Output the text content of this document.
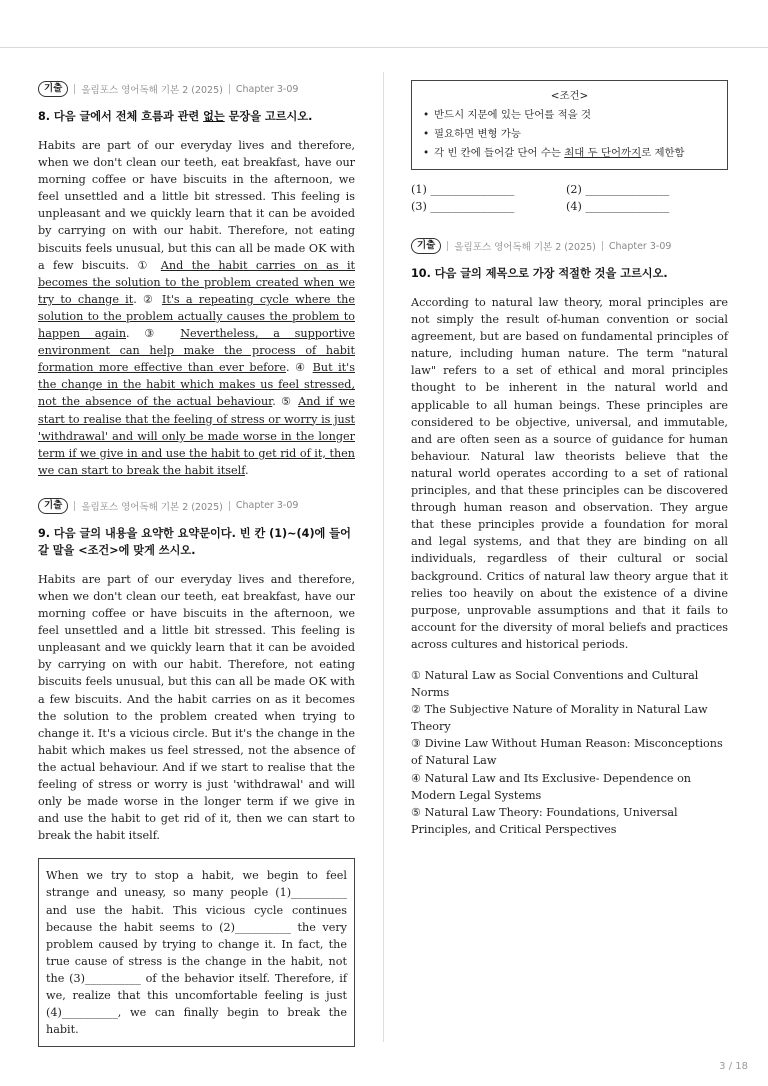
기출	올림포스 영어독해 기본 2 (2025) Chapter 3-09
8. 다음 글에서 전체 흐름과 관련 없는 문장을 고르시오.

Habits are part of our everyday lives and therefore, when we don't clean our teeth, eat breakfast, have our morning coffee or have biscuits in the afternoon, we feel unsettled and a little bit stressed. This feeling is unpleasant and we quickly learn that it can be avoided by carrying on with our habit. Therefore, not eating biscuits feels unusual, but this can all be made OK with a few biscuits. ① And the habit carries on as it becomes the solution to the problem created when we try to change it. ② It's a repeating cycle where the solution to the problem actually causes the problem to happen again. ③ Nevertheless, a supportive environment can help make the process of habit formation more effective than ever before. ④ But it's the change in the habit which makes us feel stressed, not the absence of the actual behaviour. ⑤ And if we start to realise that the feeling of stress or worry is just 'withdrawal' and will only be made worse in the longer term if we give in and use the habit to get rid of it, then we can start to break the habit itself.

기출	올림포스 영어독해 기본 2 (2025) Chapter 3-09
9. 다음 글의 내용을 요약한 요약문이다. 빈 칸 (1)~(4)에 들어갈 말을 <조건>에 맞게 쓰시오.

Habits are part of our everyday lives and therefore, when we don't clean our teeth, eat breakfast, have our morning coffee or have biscuits in the afternoon, we feel unsettled and a little bit stressed. This feeling is unpleasant and we quickly learn that it can be avoided by carrying on with our habit. Therefore, not eating biscuits feels unusual, but this can all be made OK with a few biscuits. And the habit carries on as it becomes the solution to the problem created when trying to change it. It's a vicious circle. But it's the change in the habit which makes us feel stressed, not the absence of the actual behaviour. And if we start to realise that the feeling of stress or worry is just 'withdrawal' and will only be made worse in the longer term if we give in and use the habit to get rid of it, then we can start to break the habit itself.

When we try to stop a habit, we begin to feel strange and uneasy, so many people (1)__________ and use the habit. This vicious cycle continues because the habit seems to (2)__________ the very problem caused by trying to change it. In fact, the true cause of stress is the change in the habit, not the (3)__________ of the behavior itself. Therefore, if we, realize that this uncomfortable feeling is just (4)__________, we can finally begin to break the habit.
<조건>
• 반드시 지문에 있는 단어를 적을 것
• 필요하면 변형 가능
• 각 빈 칸에 들어갈 단어 수는 최대 두 단어까지로 제한함
(1) _______________	(2) _______________
(3) _______________	(4) _______________
기출	올림포스 영어독해 기본 2 (2025) Chapter 3-09
10. 다음 글의 제목으로 가장 적절한 것을 고르시오.

According to natural law theory, moral principles are not simply the result of-human convention or social agreement, but are based on fundamental principles of nature, including human nature. The term "natural law" refers to a set of ethical and moral principles thought to be inherent in the natural world and applicable to all human beings. These principles are considered to be objective, universal, and immutable, and are often seen as a source of guidance for human behaviour. Natural law theorists believe that the natural world operates according to a set of rational principles, and that these principles can be discovered through human reason and observation. They argue that these principles provide a foundation for moral and legal systems, and that they are binding on all individuals, regardless of their cultural or social background. Critics of natural law theory argue that it relies too heavily on about the existence of a divine purpose, unprovable assumptions and that it fails to account for the diversity of moral beliefs and practices across cultures and historical periods.

① Natural Law as Social Conventions and Cultural Norms
② The Subjective Nature of Morality in Natural Law Theory
③ Divine Law Without Human Reason: Misconceptions of Natural Law
④ Natural Law and Its Exclusive- Dependence on Modern Legal Systems
⑤ Natural Law Theory: Foundations, Universal Principles, and Critical Perspectives
3 / 18
